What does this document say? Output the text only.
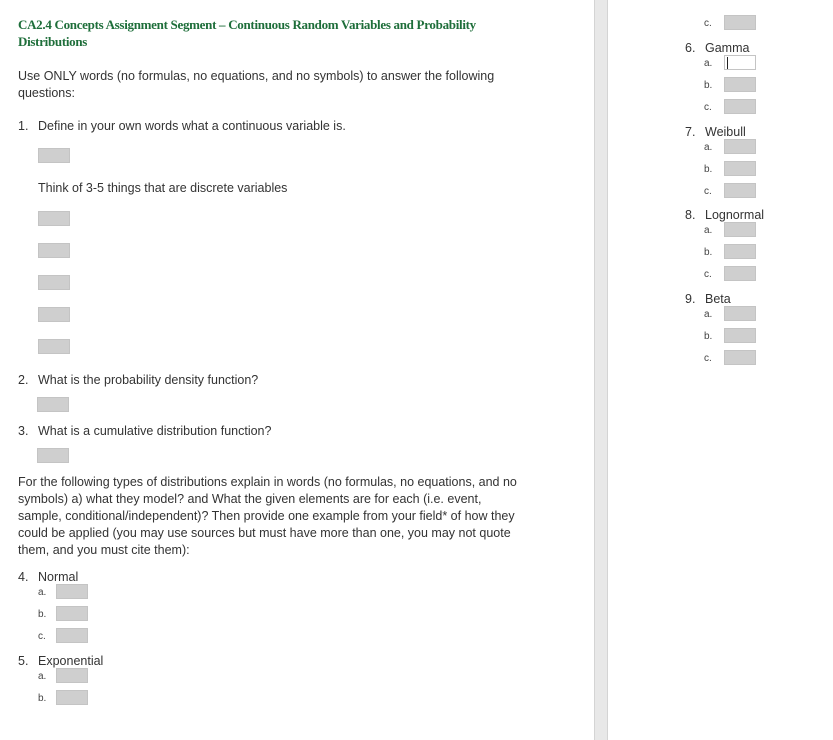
CA2.4 Concepts Assignment Segment – Continuous Random Variables and Probability Distributions
Use ONLY words (no formulas, no equations, and no symbols) to answer the following questions:
1. Define in your own words what a continuous variable is.
Think of 3-5 things that are discrete variables
2. What is the probability density function?
3. What is a cumulative distribution function?
For the following types of distributions explain in words (no formulas, no equations, and no symbols) a) what they model? and What the given elements are for each (i.e. event, sample, conditional/independent)? Then provide one example from your field* of how they could be applied (you may use sources but must have more than one, you may not quote them, and you must cite them):
4. Normal
a.
b.
c.
5. Exponential
a.
b.
c.
6. Gamma
a.
b.
c.
7. Weibull
a.
b.
c.
8. Lognormal
a.
b.
c.
9. Beta
a.
b.
c.
